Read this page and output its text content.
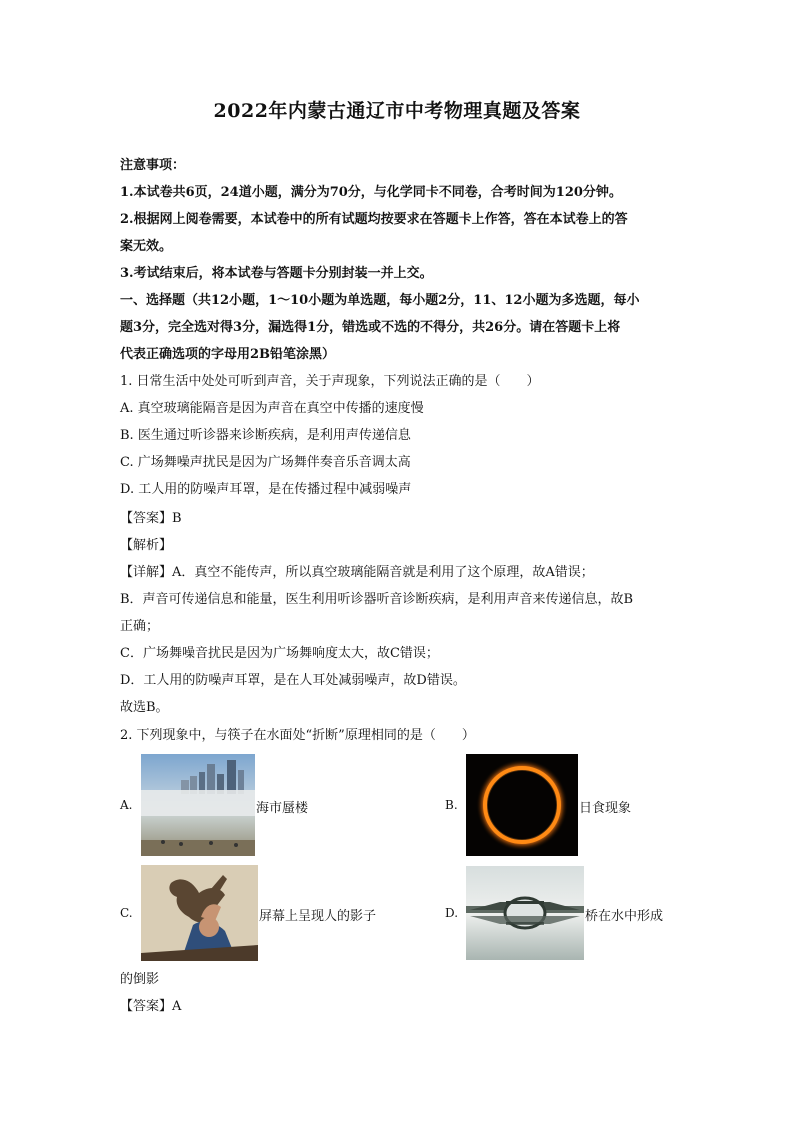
2022年内蒙古通辽市中考物理真题及答案
注意事项：
1.本试卷共6页，24道小题，满分为70分，与化学同卡不同卷，合考时间为120分钟。
2.根据网上阅卷需要，本试卷中的所有试题均按要求在答题卡上作答，答在本试卷上的答
案无效。
3.考试结束后，将本试卷与答题卡分别封装一并上交。
一、选择题（共12小题，1～10小题为单选题，每小题2分，11、12小题为多选题，每小
题3分，完全选对得3分，漏选得1分，错选或不选的不得分，共26分。请在答题卡上将
代表正确选项的字母用2B铅笔涂黑）
1. 日常生活中处处可听到声音，关于声现象，下列说法正确的是（　　）
A. 真空玻璃能隔音是因为声音在真空中传播的速度慢
B. 医生通过听诊器来诊断疾病，是利用声传递信息
C. 广场舞噪声扰民是因为广场舞伴奏音乐音调太高
D. 工人用的防噪声耳罩，是在传播过程中减弱噪声
【答案】B
【解析】
【详解】A．真空不能传声，所以真空玻璃能隔音就是利用了这个原理，故A错误；
B．声音可传递信息和能量，医生利用听诊器听音诊断疾病，是利用声音来传递信息，故B
正确；
C．广场舞噪音扰民是因为广场舞响度太大，故C错误；
D．工人用的防噪声耳罩，是在人耳处减弱噪声，故D错误。
故选B。
2. 下列现象中，与筷子在水面处“折断”原理相同的是（　　）
A.	海市蜃楼	B.	日食现象
C.	屏幕上呈现人的影子	D.	桥在水中形成
的倒影
【答案】A
